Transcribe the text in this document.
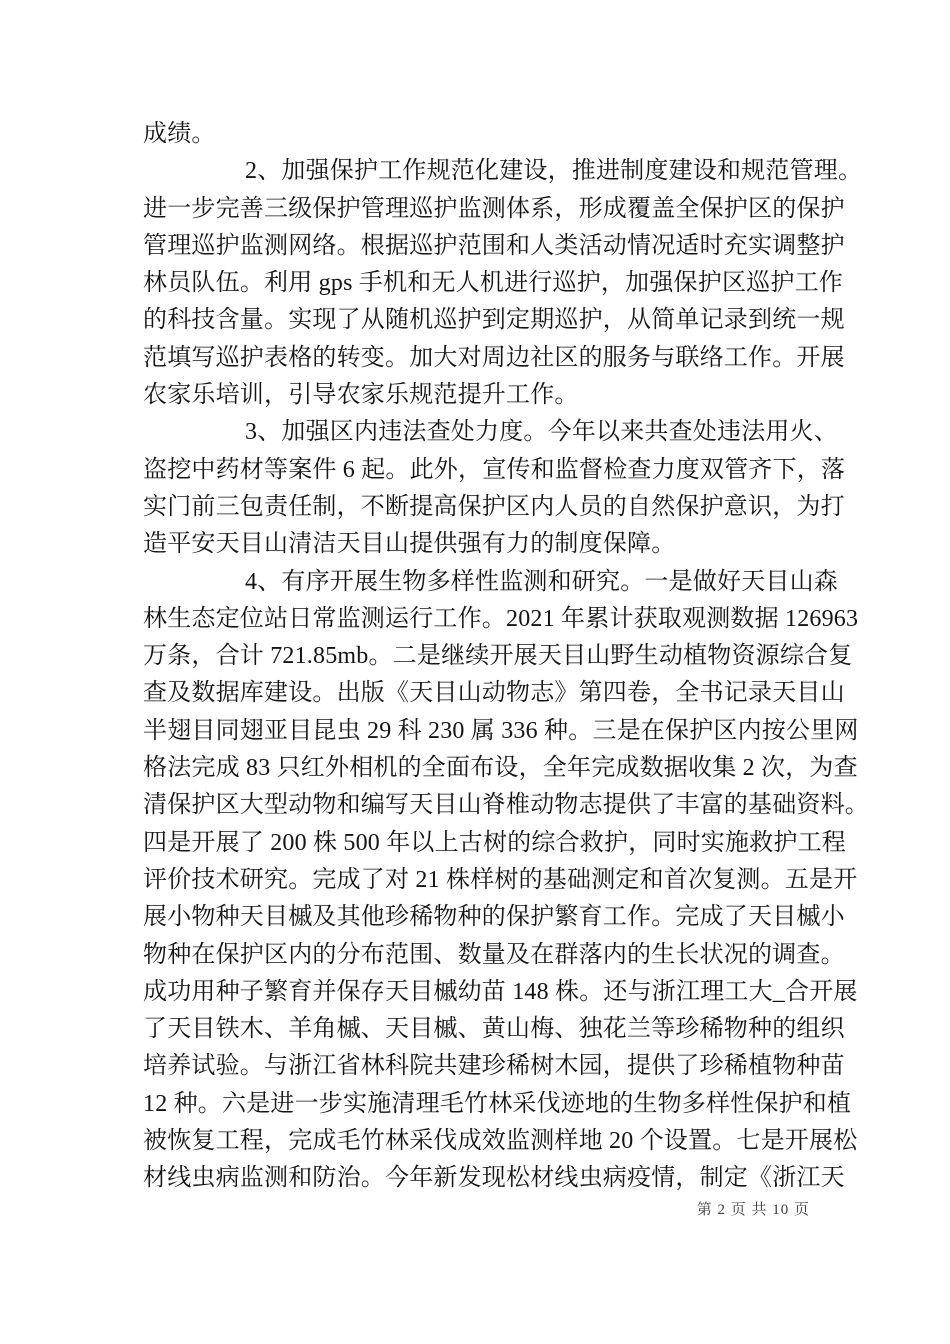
成绩。
2、加强保护工作规范化建设，推进制度建设和规范管理。
进一步完善三级保护管理巡护监测体系，形成覆盖全保护区的保护
管理巡护监测网络。根据巡护范围和人类活动情况适时充实调整护
林员队伍。利用 gps 手机和无人机进行巡护，加强保护区巡护工作
的科技含量。实现了从随机巡护到定期巡护，从简单记录到统一规
范填写巡护表格的转变。加大对周边社区的服务与联络工作。开展
农家乐培训，引导农家乐规范提升工作。
3、加强区内违法查处力度。今年以来共查处违法用火、
盗挖中药材等案件 6 起。此外，宣传和监督检查力度双管齐下，落
实门前三包责任制，不断提高保护区内人员的自然保护意识，为打
造平安天目山清洁天目山提供强有力的制度保障。
4、有序开展生物多样性监测和研究。一是做好天目山森
林生态定位站日常监测运行工作。2021 年累计获取观测数据 126963
万条，合计 721.85mb。二是继续开展天目山野生动植物资源综合复
查及数据库建设。出版《天目山动物志》第四卷，全书记录天目山
半翅目同翅亚目昆虫 29 科 230 属 336 种。三是在保护区内按公里网
格法完成 83 只红外相机的全面布设，全年完成数据收集 2 次，为查
清保护区大型动物和编写天目山脊椎动物志提供了丰富的基础资料。
四是开展了 200 株 500 年以上古树的综合救护，同时实施救护工程
评价技术研究。完成了对 21 株样树的基础测定和首次复测。五是开
展小物种天目槭及其他珍稀物种的保护繁育工作。完成了天目槭小
物种在保护区内的分布范围、数量及在群落内的生长状况的调查。
成功用种子繁育并保存天目槭幼苗 148 株。还与浙江理工大_合开展
了天目铁木、羊角槭、天目槭、黄山梅、独花兰等珍稀物种的组织
培养试验。与浙江省林科院共建珍稀树木园，提供了珍稀植物种苗
12 种。六是进一步实施清理毛竹林采伐迹地的生物多样性保护和植
被恢复工程，完成毛竹林采伐成效监测样地 20 个设置。七是开展松
材线虫病监测和防治。今年新发现松材线虫病疫情，制定《浙江天
第 2 页 共 10 页
